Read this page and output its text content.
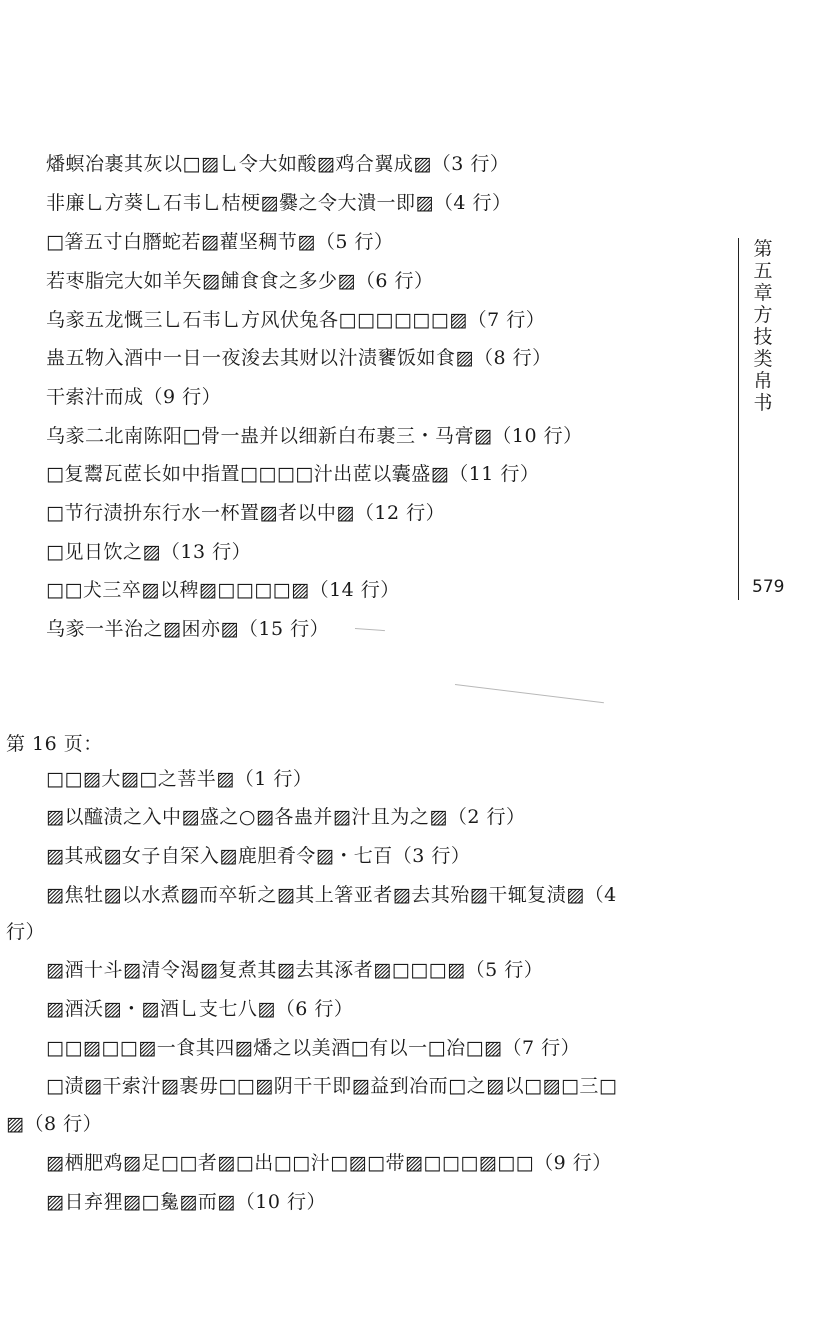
燔螟冶裹其灰以□▨乚令大如酸▨鸡合翼成▨（3 行）
非廉乚方葵乚石韦乚桔梗▨爨之令大潰一即▨（4 行）
□箸五寸白䐶蛇若▨藋坚稠节▨（5 行）
若枣脂完大如羊矢▨餔食食之多少▨（6 行）
乌豙五龙慨三乚石韦乚方风伏兔各□□□□□□▨（7 行）
蛊五物入酒中一日一夜浚去其财以汁渍饔饭如食▨（8 行）
干索汁而成（9 行）
乌豙二北南陈阳□骨一蛊并以细新白布裹三・马膏▨（10 行）
□复鬻瓦茝长如中指置□□□□汁出茝以囊盛▨（11 行）
□节行渍抍东行水一杯置▨者以中▨（12 行）
□见日饮之▨（13 行）
□□犬三卒▨以稗▨□□□□▨（14 行）
乌豙一半治之▨困亦▨（15 行）
第五章 方技类帛书
579
第 16 页：
□□▨大▨□之菩半▨（1 行）
▨以醯渍之入中▨盛之○▨各蛊并▨汁且为之▨（2 行）
▨其戒▨女子自罙入▨鹿胆肴令▨・七百（3 行）
▨焦牡▨以水煮▨而卒斩之▨其上箸亚者▨去其殆▨干辄复渍▨（4
行）
▨酒十斗▨清令渴▨复煮其▨去其涿者▨□□□▨（5 行）
▨酒沃▨・▨酒乚支七八▨（6 行）
□□▨□□▨一食其四▨燔之以美酒□有以一□冶□▨（7 行）
□渍▨干索汁▨裹毋□□▨阴干干即▨益到冶而□之▨以□▨□三□
▨（8 行）
▨栖肥鸡▨足□□者▨□出□□汁□▨□带▨□□□▨□□（9 行）
▨日弃狸▨□毚▨而▨（10 行）
